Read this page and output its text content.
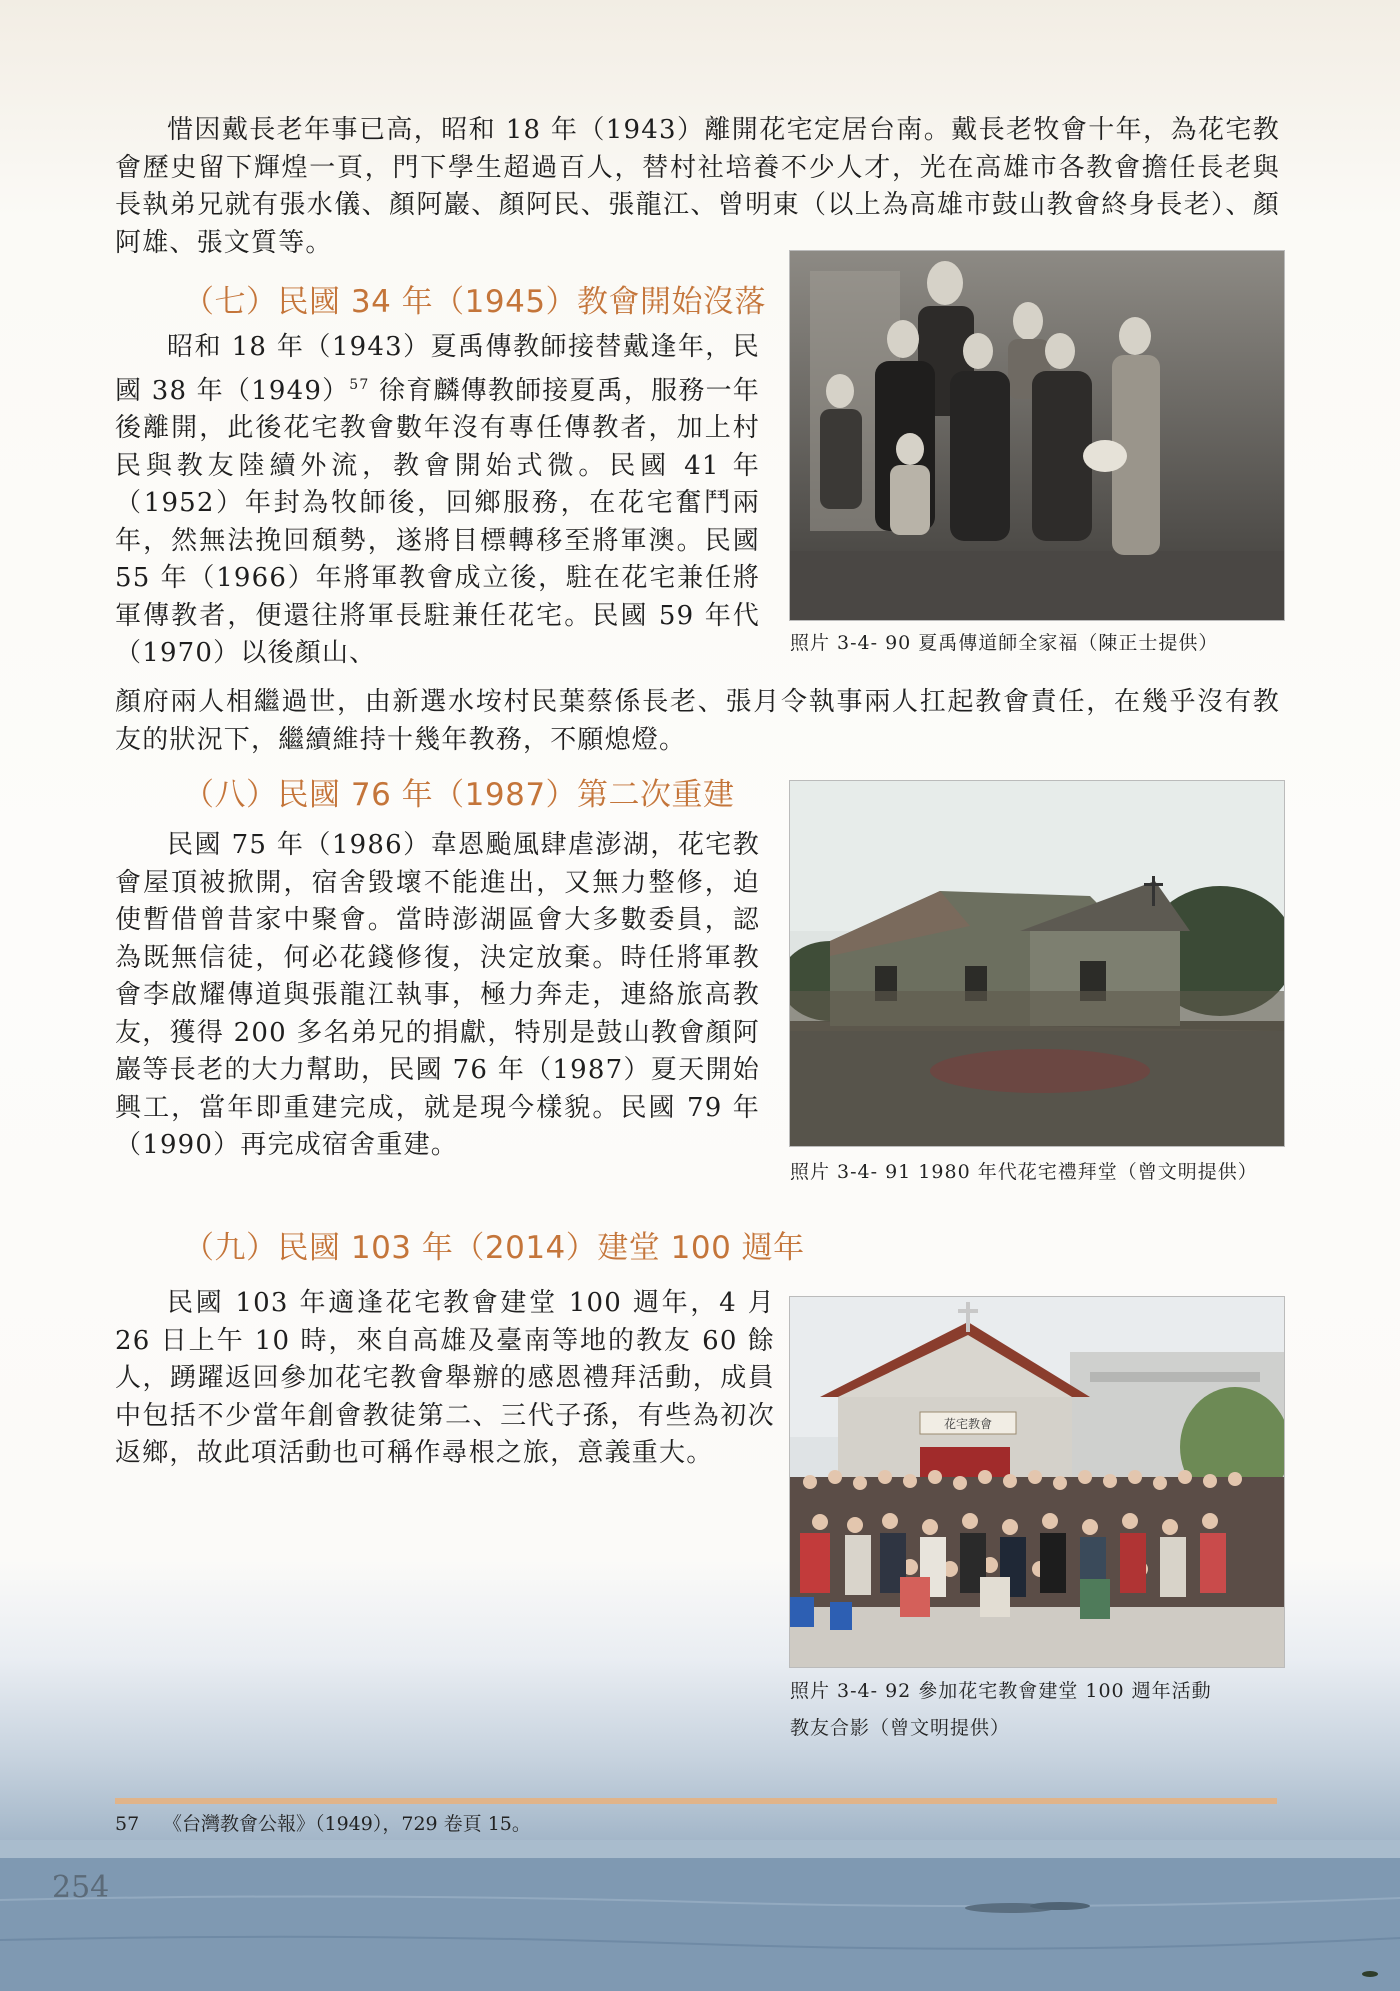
惜因戴長老年事已高，昭和 18 年（1943）離開花宅定居台南。戴長老牧會十年，為花宅教會歷史留下輝煌一頁，門下學生超過百人，替村社培養不少人才，光在高雄市各教會擔任長老與長執弟兄就有張水儀、顏阿巖、顏阿民、張龍江、曾明東（以上為高雄市鼓山教會終身長老）、顏阿雄、張文質等。

（七）民國 34 年（1945）教會開始沒落

昭和 18 年（1943）夏禹傳教師接替戴逢年，民國 38 年$(1949)^{57}$ 徐育麟傳教師接夏禹，服務一年後離開，此後花宅教會數年沒有專任傳教者，加上村民與教友陸續外流，教會開始式微。民國 41 年（1952）年封為牧師後，回鄉服務，在花宅奮鬥兩年，然無法挽回頹勢，遂將目標轉移至將軍澳。民國 55 年（1966）年將軍教會成立後，駐在花宅兼任將軍傳教者，便還往將軍長駐兼任花宅。民國 59 年代（1970）以後顏山、

顏府兩人相繼過世，由新選水垵村民葉蔡係長老、張月令執事兩人扛起教會責任，在幾乎沒有教友的狀況下，繼續維持十幾年教務，不願熄燈。

照片 3-4- 90 夏禹傳道師全家福（陳正士提供）

（八）民國 76 年（1987）第二次重建

民國 75 年（1986）韋恩颱風肆虐澎湖，花宅教會屋頂被掀開，宿舍毀壞不能進出，又無力整修，迫使暫借曾昔家中聚會。當時澎湖區會大多數委員，認為既無信徒，何必花錢修復，決定放棄。時任將軍教會李啟耀傳道與張龍江執事，極力奔走，連絡旅高教友，獲得 200 多名弟兄的捐獻，特別是鼓山教會顏阿巖等長老的大力幫助，民國 76 年（1987）夏天開始興工，當年即重建完成，就是現今樣貌。民國 79 年（1990）再完成宿舍重建。

照片 3-4- 91 1980 年代花宅禮拜堂（曾文明提供）

（九）民國 103 年（2014）建堂 100 週年

民國 103 年適逢花宅教會建堂 100 週年，4 月 26 日上午 10 時，來自高雄及臺南等地的教友 60 餘人，踴躍返回參加花宅教會舉辦的感恩禮拜活動，成員中包括不少當年創會教徒第二、三代子孫，有些為初次返鄉，故此項活動也可稱作尋根之旅，意義重大。

花宅教會

照片 3-4- 92 參加花宅教會建堂 100 週年活動

教友合影（曾文明提供）

57 《台灣教會公報》（1949），729 卷頁 15。
254
